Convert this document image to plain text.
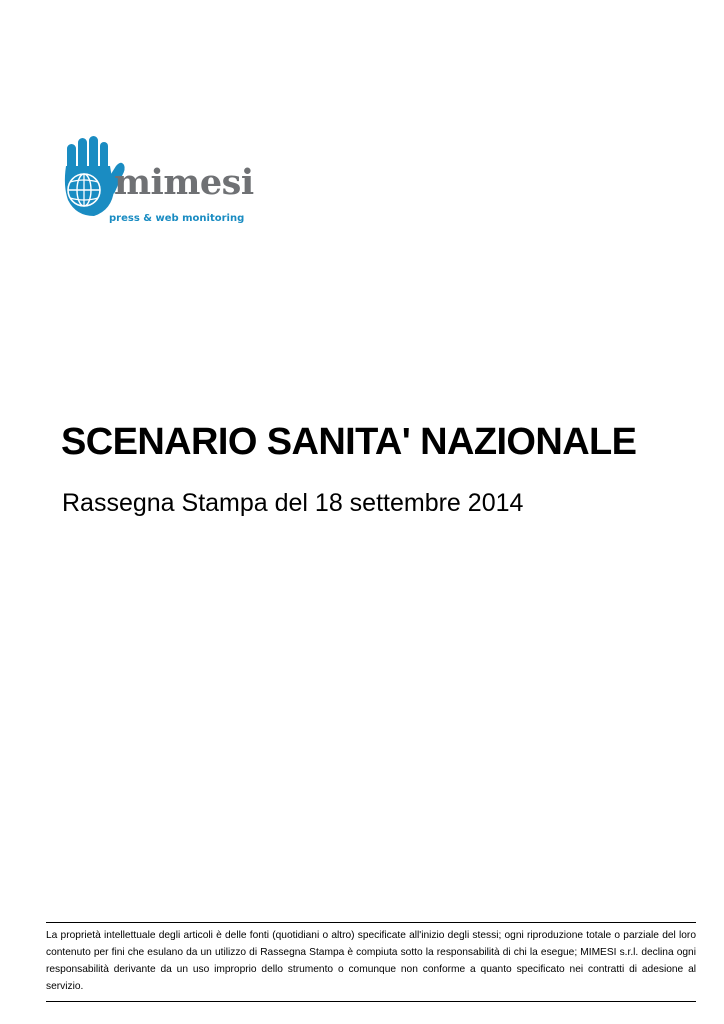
mimesi
press & web monitoring
SCENARIO SANITA' NAZIONALE
Rassegna Stampa del 18 settembre 2014

La proprietà intellettuale degli articoli è delle fonti (quotidiani o altro) specificate all'inizio degli stessi; ogni riproduzione totale o parziale del loro contenuto per fini che esulano da un utilizzo di Rassegna Stampa è compiuta sotto la responsabilità di chi la esegue; MIMESI s.r.l. declina ogni responsabilità derivante da un uso improprio dello strumento o comunque non conforme a quanto specificato nei contratti di adesione al servizio.
